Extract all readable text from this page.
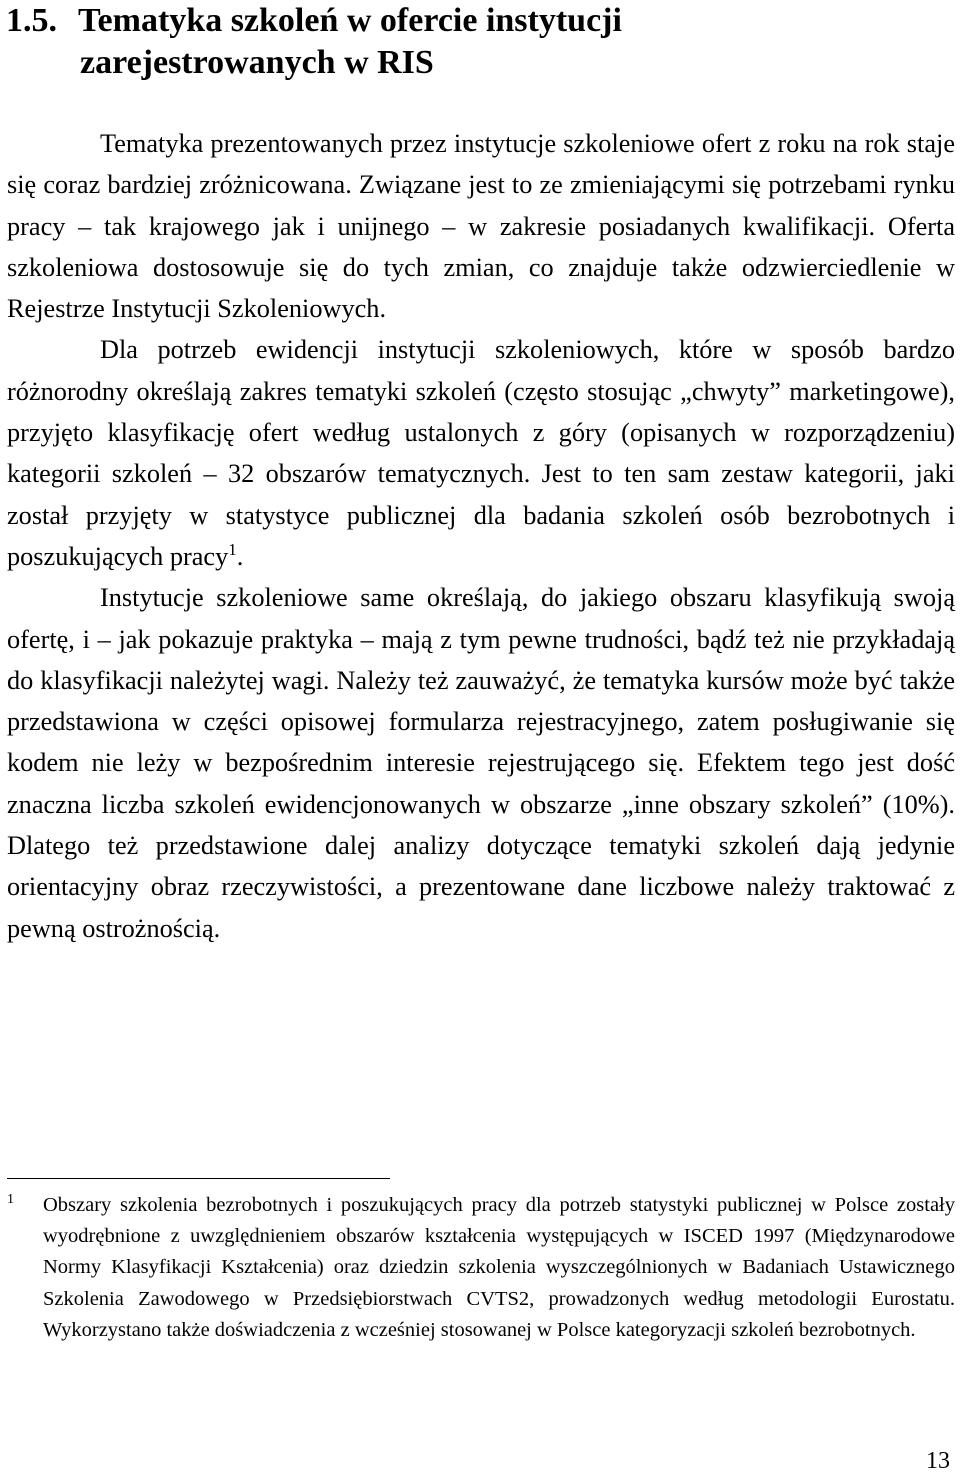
1.5. Tematyka szkoleń w ofercie instytucji
zarejestrowanych w RIS

Tematyka prezentowanych przez instytucje szkoleniowe ofert z roku na rok staje się coraz bardziej zróżnicowana. Związane jest to ze zmieniającymi się potrzebami rynku pracy – tak krajowego jak i unijnego – w zakresie posiadanych kwalifikacji. Oferta szkoleniowa dostosowuje się do tych zmian, co znajduje także odzwierciedlenie w Rejestrze Instytucji Szkoleniowych.

Dla potrzeb ewidencji instytucji szkoleniowych, które w sposób bardzo różnorodny określają zakres tematyki szkoleń (często stosując „chwyty” marketingowe), przyjęto klasyfikację ofert według ustalonych z góry (opisanych w rozporządzeniu) kategorii szkoleń – 32 obszarów tematycznych. Jest to ten sam zestaw kategorii, jaki został przyjęty w statystyce publicznej dla badania szkoleń osób bezrobotnych i poszukujących pracy$^1$.

Instytucje szkoleniowe same określają, do jakiego obszaru klasyfikują swoją ofertę, i – jak pokazuje praktyka – mają z tym pewne trudności, bądź też nie przykładają do klasyfikacji należytej wagi. Należy też zauważyć, że tematyka kursów może być także przedstawiona w części opisowej formularza rejestracyjnego, zatem posługiwanie się kodem nie leży w bezpośrednim interesie rejestrującego się. Efektem tego jest dość znaczna liczba szkoleń ewidencjonowanych w obszarze „inne obszary szkoleń” (10%). Dlatego też przedstawione dalej analizy dotyczące tematyki szkoleń dają jedynie orientacyjny obraz rzeczywistości, a prezentowane dane liczbowe należy traktować z pewną ostrożnością.

1 Obszary szkolenia bezrobotnych i poszukujących pracy dla potrzeb statystyki publicznej w Polsce zostały wyodrębnione z uwzględnieniem obszarów kształcenia występujących w ISCED 1997 (Międzynarodowe Normy Klasyfikacji Kształcenia) oraz dziedzin szkolenia wyszczególnionych w Badaniach Ustawicznego Szkolenia Zawodowego w Przedsiębiorstwach CVTS2, prowadzonych według metodologii Eurostatu. Wykorzystano także doświadczenia z wcześniej stosowanej w Polsce kategoryzacji szkoleń bezrobotnych.
13
